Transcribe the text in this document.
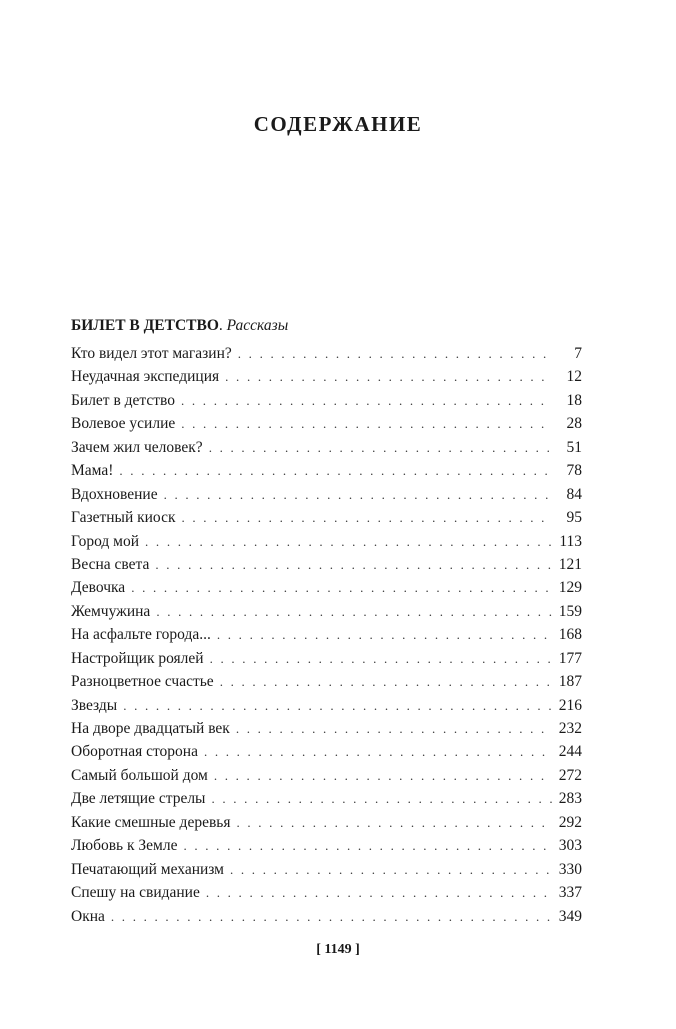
СОДЕРЖАНИЕ
БИЛЕТ В ДЕТСТВО. Рассказы
Кто видел этот магазин? . . .	7
Неудачная экспедиция . . .	12
Билет в детство . . .	18
Волевое усилие . . .	28
Зачем жил человек? . . .	51
Мама! . . .	78
Вдохновение . . .	84
Газетный киоск . . .	95
Город мой . . .	113
Весна света . . .	121
Девочка . . .	129
Жемчужина . . .	159
На асфальте города... . . .	168
Настройщик роялей . . .	177
Разноцветное счастье . . .	187
Звезды . . .	216
На дворе двадцатый век . . .	232
Оборотная сторона . . .	244
Самый большой дом . . .	272
Две летящие стрелы . . .	283
Какие смешные деревья . . .	292
Любовь к Земле . . .	303
Печатающий механизм . . .	330
Спешу на свидание . . .	337
Окна . . .	349
[ 1149 ]
